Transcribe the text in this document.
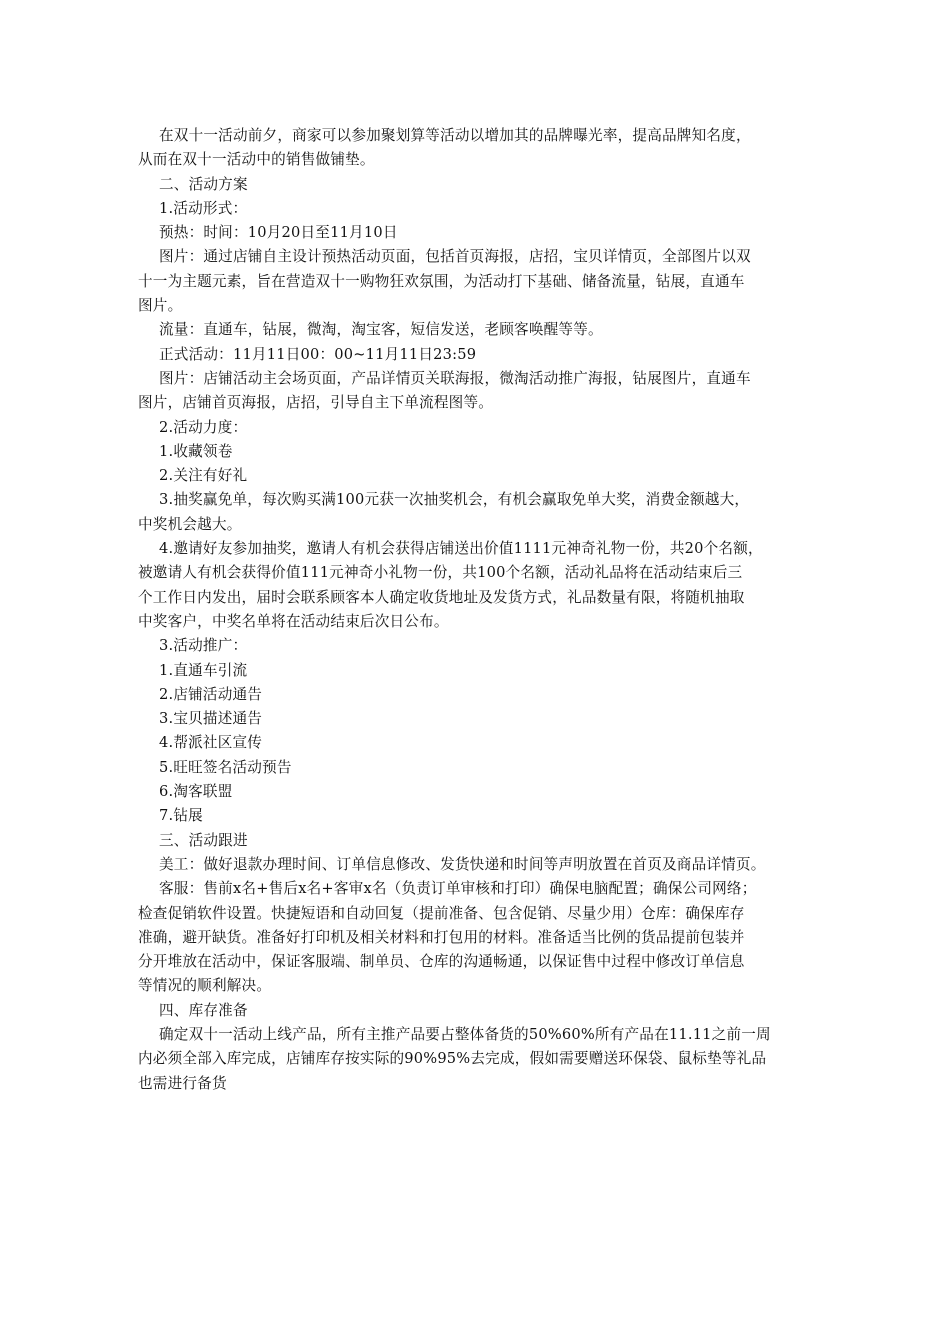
在双十一活动前夕，商家可以参加聚划算等活动以增加其的品牌曝光率，提高品牌知名度，
从而在双十一活动中的销售做铺垫。

二、活动方案

1.活动形式：

预热：时间：10月20日至11月10日

图片：通过店铺自主设计预热活动页面，包括首页海报，店招，宝贝详情页，全部图片以双
十一为主题元素，旨在营造双十一购物狂欢氛围，为活动打下基础、储备流量，钻展，直通车
图片。

流量：直通车，钻展，微淘，淘宝客，短信发送，老顾客唤醒等等。

正式活动：11月11日00：00~11月11日23:59

图片：店铺活动主会场页面，产品详情页关联海报，微淘活动推广海报，钻展图片，直通车
图片，店铺首页海报，店招，引导自主下单流程图等。

2.活动力度：

1.收藏领卷

2.关注有好礼

3.抽奖赢免单，每次购买满100元获一次抽奖机会，有机会赢取免单大奖，消费金额越大，
中奖机会越大。

4.邀请好友参加抽奖，邀请人有机会获得店铺送出价值1111元神奇礼物一份，共20个名额，
被邀请人有机会获得价值111元神奇小礼物一份，共100个名额，活动礼品将在活动结束后三
个工作日内发出，届时会联系顾客本人确定收货地址及发货方式，礼品数量有限，将随机抽取
中奖客户，中奖名单将在活动结束后次日公布。

3.活动推广：

1.直通车引流

2.店铺活动通告

3.宝贝描述通告

4.帮派社区宣传

5.旺旺签名活动预告

6.淘客联盟

7.钻展

三、活动跟进

美工：做好退款办理时间、订单信息修改、发货快递和时间等声明放置在首页及商品详情页。

客服：售前x名+售后x名+客审x名（负责订单审核和打印）确保电脑配置；确保公司网络；
检查促销软件设置。快捷短语和自动回复（提前准备、包含促销、尽量少用）仓库：确保库存
准确，避开缺货。准备好打印机及相关材料和打包用的材料。准备适当比例的货品提前包装并
分开堆放在活动中，保证客服端、制单员、仓库的沟通畅通，以保证售中过程中修改订单信息
等情况的顺利解决。

四、库存准备

确定双十一活动上线产品，所有主推产品要占整体备货的50%60%所有产品在11.11之前一周
内必须全部入库完成，店铺库存按实际的90%95%去完成，假如需要赠送环保袋、鼠标垫等礼品
也需进行备货
